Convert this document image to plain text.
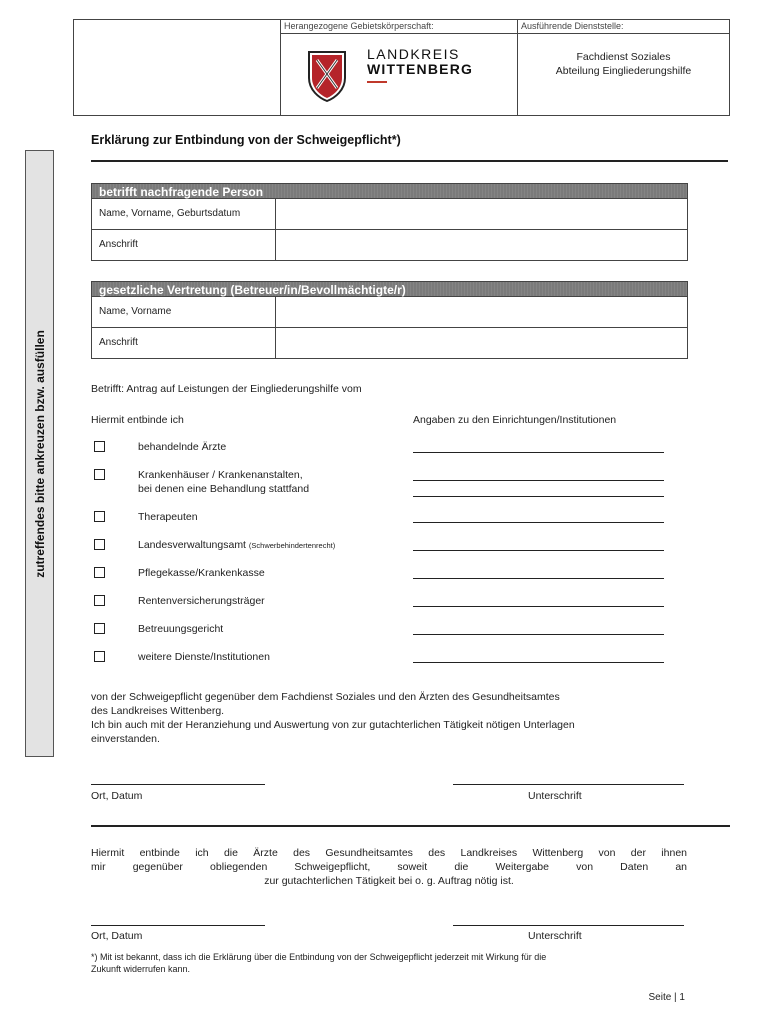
Herangezogene Gebietskörperschaft:
LANDKREIS
WITTENBERG
Ausführende Dienststelle:
Fachdienst Soziales
Abteilung Eingliederungshilfe
Erklärung zur Entbindung von der Schweigepflicht*)
zutreffendes bitte ankreuzen bzw. ausfüllen
betrifft nachfragende Person
Name, Vorname, Geburtsdatum
Anschrift
gesetzliche Vertretung (Betreuer/in/Bevollmächtigte/r)
Name, Vorname
Anschrift
Betrifft: Antrag auf Leistungen der Eingliederungshilfe vom
Hiermit entbinde ich	Angaben zu den Einrichtungen/Institutionen
behandelnde Ärzte
Krankenhäuser / Krankenanstalten,
bei denen eine Behandlung stattfand
Therapeuten
Landesverwaltungsamt (Schwerbehindertenrecht)
Pflegekasse/Krankenkasse
Rentenversicherungsträger
Betreuungsgericht
weitere Dienste/Institutionen
von der Schweigepflicht gegenüber dem Fachdienst Soziales und den Ärzten des Gesundheitsamtes
des Landkreises Wittenberg.
Ich bin auch mit der Heranziehung und Auswertung von zur gutachterlichen Tätigkeit nötigen Unterlagen
einverstanden.
Ort, Datum	Unterschrift
Hiermit entbinde ich die Ärzte des Gesundheitsamtes des Landkreises Wittenberg von der ihnen
mir gegenüber obliegenden Schweigepflicht, soweit die Weitergabe von Daten an
zur gutachterlichen Tätigkeit bei o. g. Auftrag nötig ist.
Ort, Datum	Unterschrift
*) Mit ist bekannt, dass ich die Erklärung über die Entbindung von der Schweigepflicht jederzeit mit Wirkung für die
Zukunft widerrufen kann.
Seite | 1
